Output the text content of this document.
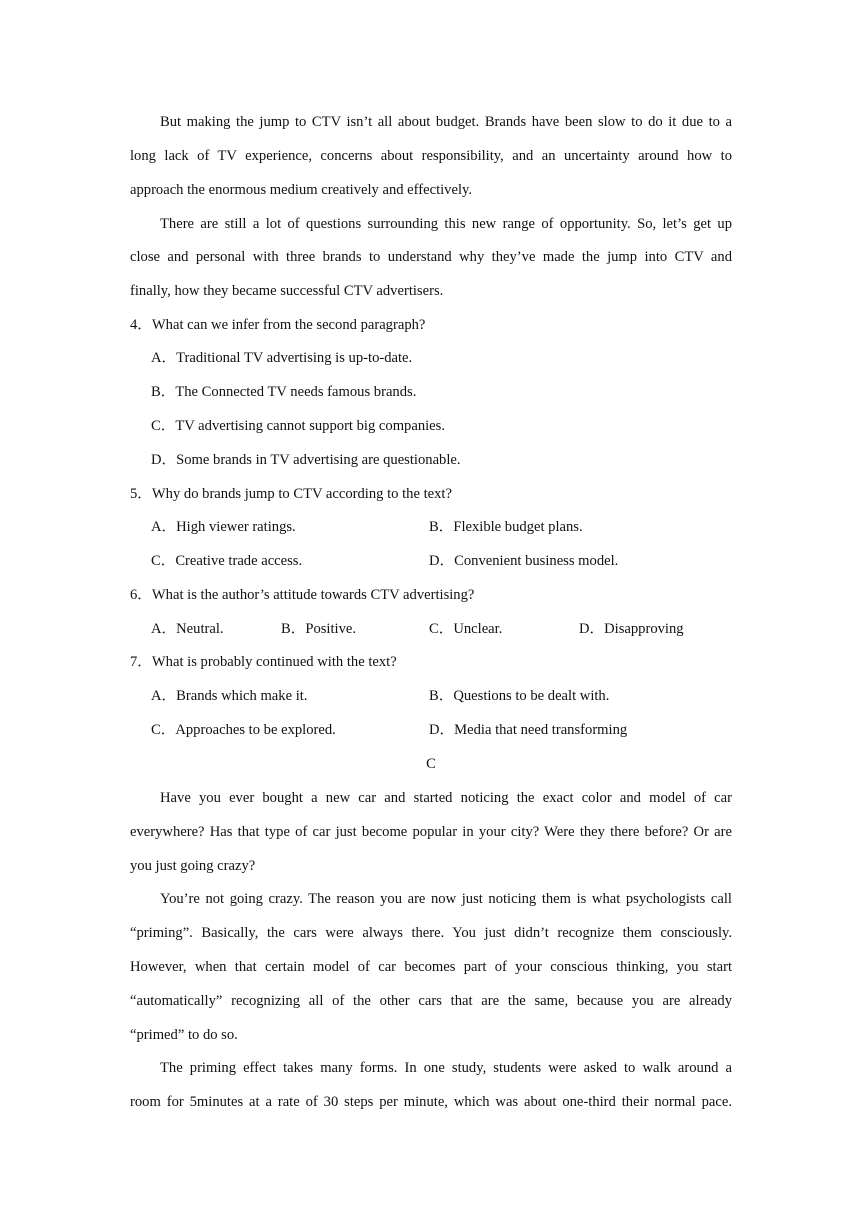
But making the jump to CTV isn’t all about budget. Brands have been slow to do it due to a
long lack of TV experience, concerns about responsibility, and an uncertainty around how to
approach the enormous medium creatively and effectively.
There are still a lot of questions surrounding this new range of opportunity. So, let’s get up
close and personal with three brands to understand why they’ve made the jump into CTV and
finally, how they became successful CTV advertisers.
4．What can we infer from the second paragraph?
A．Traditional TV advertising is up-to-date.
B．The Connected TV needs famous brands.
C．TV advertising cannot support big companies.
D．Some brands in TV advertising are questionable.
5．Why do brands jump to CTV according to the text?
A．High viewer ratings.	B．Flexible budget plans.
C．Creative trade access.	D．Convenient business model.
6．What is the author’s attitude towards CTV advertising?
A．Neutral.	B．Positive.	C．Unclear.	D．Disapproving
7．What is probably continued with the text?
A．Brands which make it.	B．Questions to be dealt with.
C．Approaches to be explored.	D．Media that need transforming
C
Have you ever bought a new car and started noticing the exact color and model of car
everywhere? Has that type of car just become popular in your city? Were they there before? Or are
you just going crazy?
You’re not going crazy. The reason you are now just noticing them is what psychologists call
“priming”. Basically, the cars were always there. You just didn’t recognize them consciously.
However, when that certain model of car becomes part of your conscious thinking, you start
“automatically” recognizing all of the other cars that are the same, because you are already
“primed” to do so.
The priming effect takes many forms. In one study, students were asked to walk around a
room for 5minutes at a rate of 30 steps per minute, which was about one-third their normal pace.
